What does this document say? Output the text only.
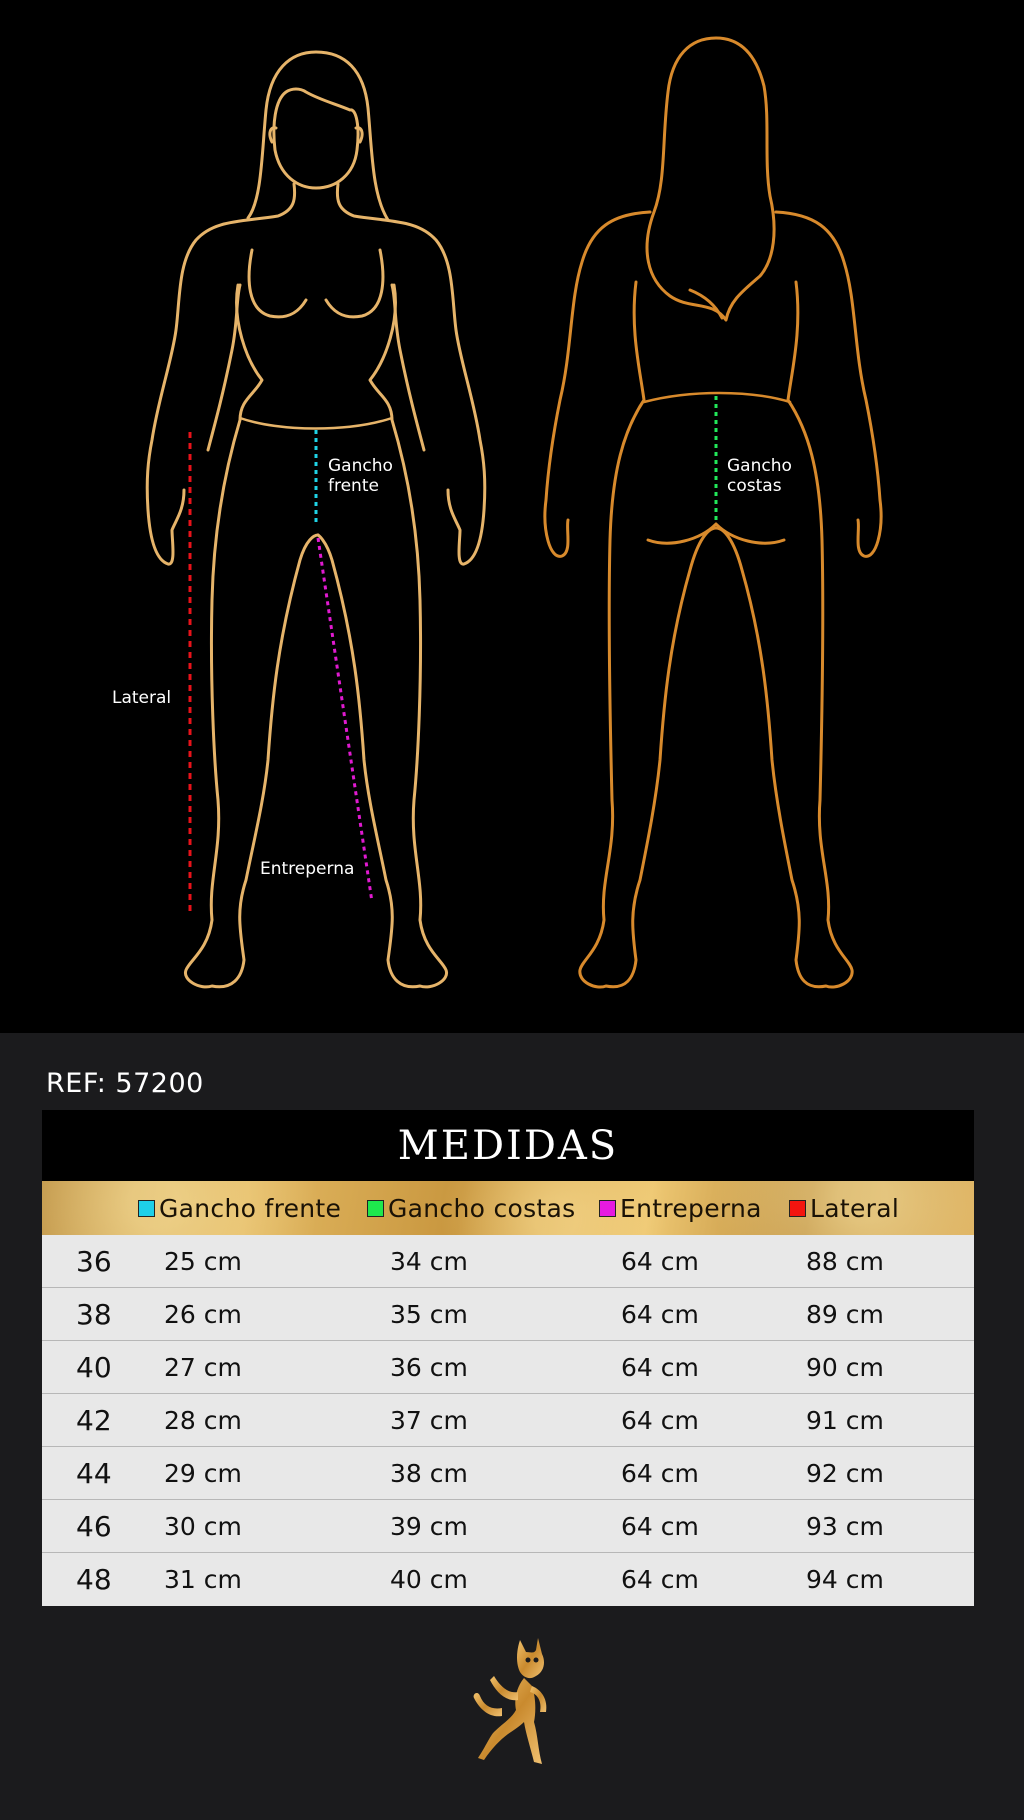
Gancho
frente
Gancho
costas
Lateral
Entreperna
REF: 57200
MEDIDAS
Gancho frente Gancho costas Entreperna Lateral
36 25 cm	34 cm	64 cm	88 cm
38 26 cm	35 cm	64 cm	89 cm
40 27 cm	36 cm	64 cm	90 cm
42 28 cm	37 cm	64 cm	91 cm
44 29 cm	38 cm	64 cm	92 cm
46 30 cm	39 cm	64 cm	93 cm
48 31 cm	40 cm	64 cm	94 cm
